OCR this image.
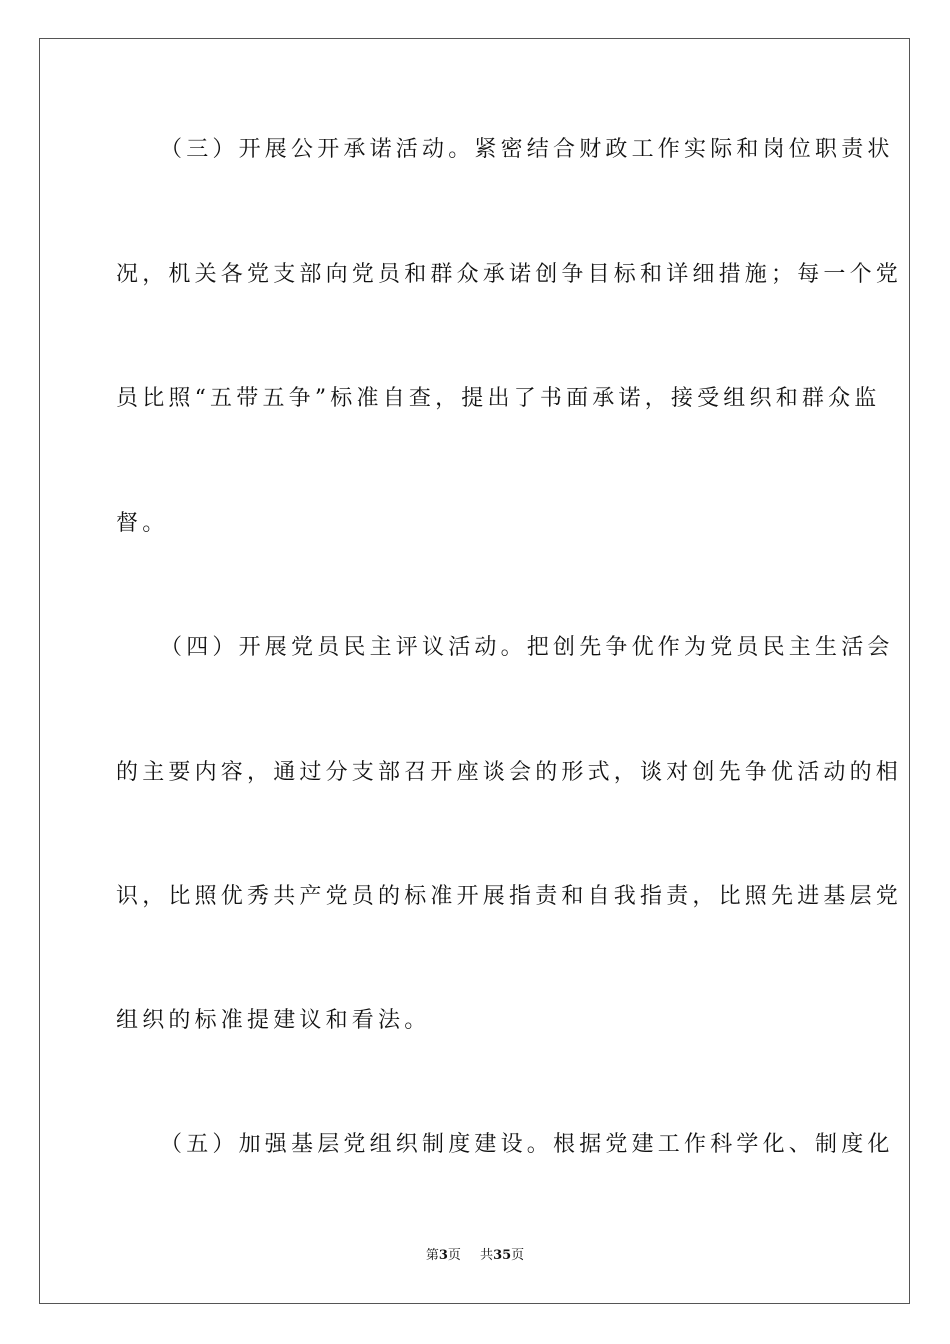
（三）开展公开承诺活动。紧密结合财政工作实际和岗位职责状
况，机关各党支部向党员和群众承诺创争目标和详细措施；每一个党
员比照“五带五争”标准自查，提出了书面承诺，接受组织和群众监
督。
（四）开展党员民主评议活动。把创先争优作为党员民主生活会
的主要内容，通过分支部召开座谈会的形式，谈对创先争优活动的相
识，比照优秀共产党员的标准开展指责和自我指责，比照先进基层党
组织的标准提建议和看法。
（五）加强基层党组织制度建设。根据党建工作科学化、制度化
第3页 共35页
